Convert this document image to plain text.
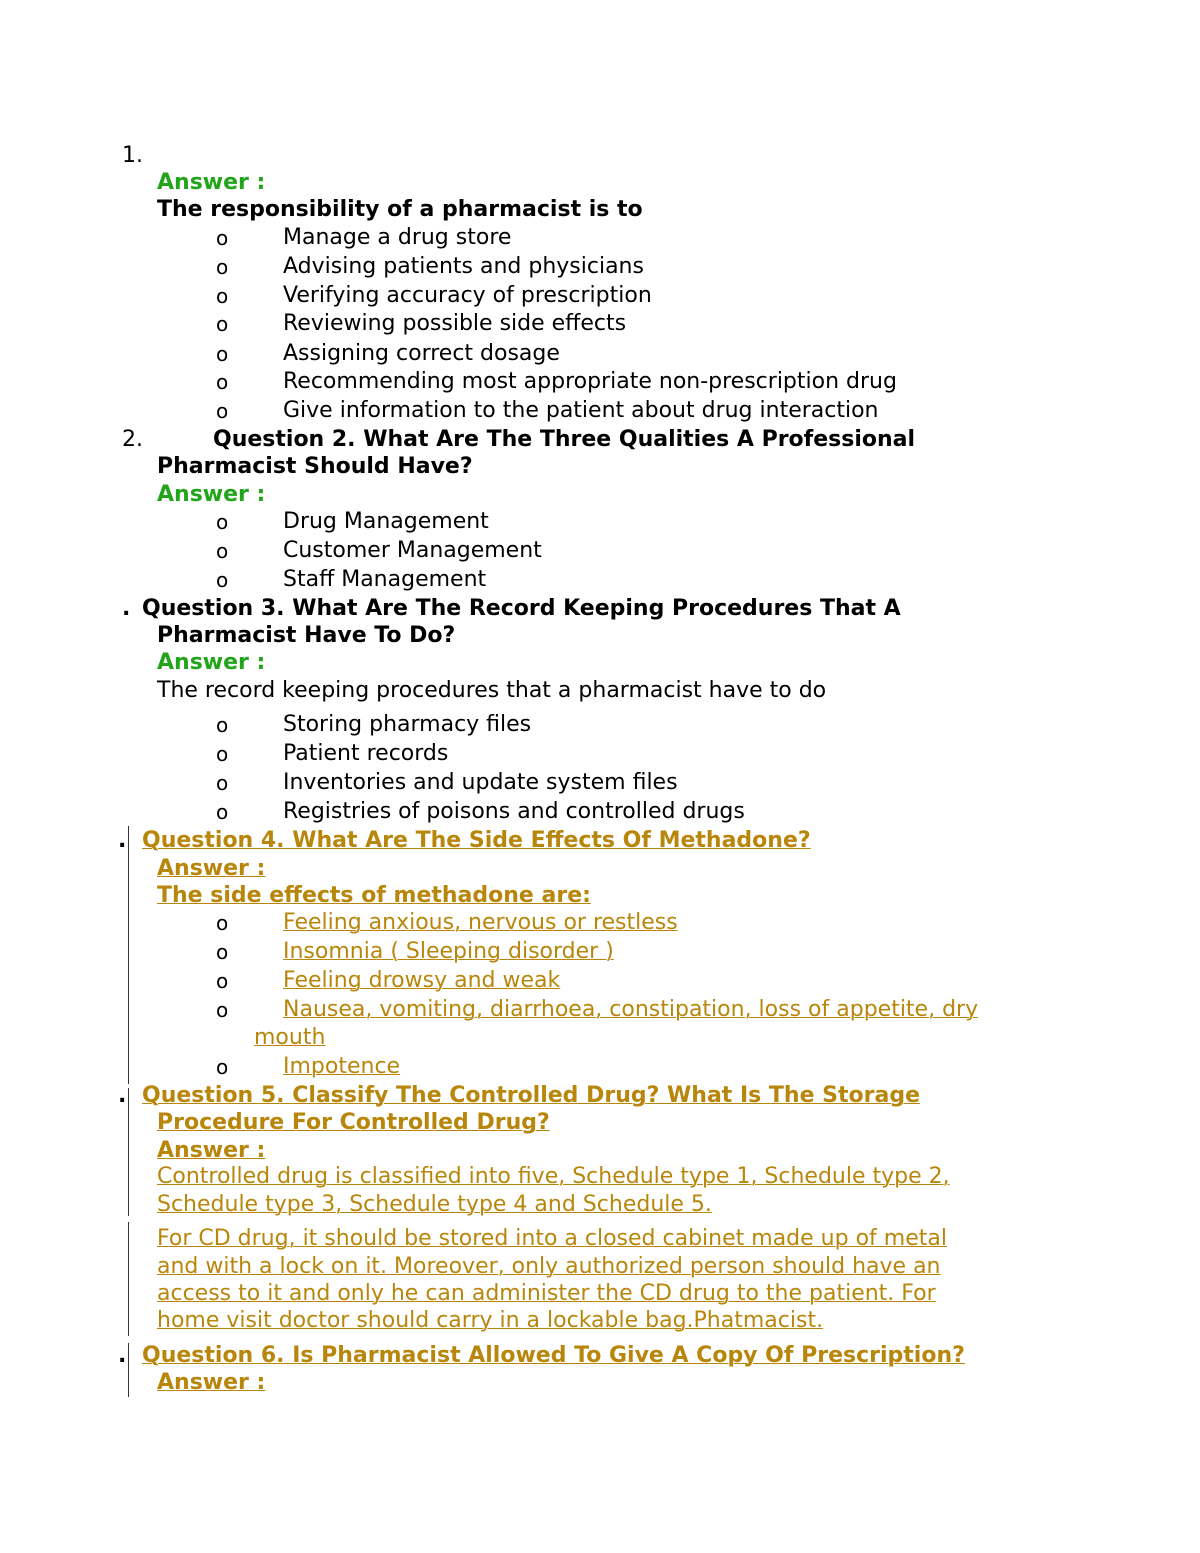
1.
Answer :
The responsibility of a pharmacist is to
o Manage a drug store
o Advising patients and physicians
o Verifying accuracy of prescription
o Reviewing possible side effects
o Assigning correct dosage
o Recommending most appropriate non-prescription drug
o Give information to the patient about drug interaction
2.	Question 2. What Are The Three Qualities A Professional
Pharmacist Should Have?
Answer :
o Drug Management
o Customer Management
o Staff Management
. Question 3. What Are The Record Keeping Procedures That A
Pharmacist Have To Do?
Answer :
The record keeping procedures that a pharmacist have to do
o Storing pharmacy files
o Patient records
o Inventories and update system files
o Registries of poisons and controlled drugs
. Question 4. What Are The Side Effects Of Methadone?
Answer :
The side effects of methadone are:
o Feeling anxious, nervous or restless
o Insomnia ( Sleeping disorder )
o Feeling drowsy and weak
o Nausea, vomiting, diarrhoea, constipation, loss of appetite, dry
mouth
o Impotence
. Question 5. Classify The Controlled Drug? What Is The Storage
Procedure For Controlled Drug?
Answer :
Controlled drug is classified into five, Schedule type 1, Schedule type 2,
Schedule type 3, Schedule type 4 and Schedule 5.
For CD drug, it should be stored into a closed cabinet made up of metal
and with a lock on it. Moreover, only authorized person should have an
access to it and only he can administer the CD drug to the patient. For
home visit doctor should carry in a lockable bag.Phatmacist.
. Question 6. Is Pharmacist Allowed To Give A Copy Of Prescription?
Answer :
